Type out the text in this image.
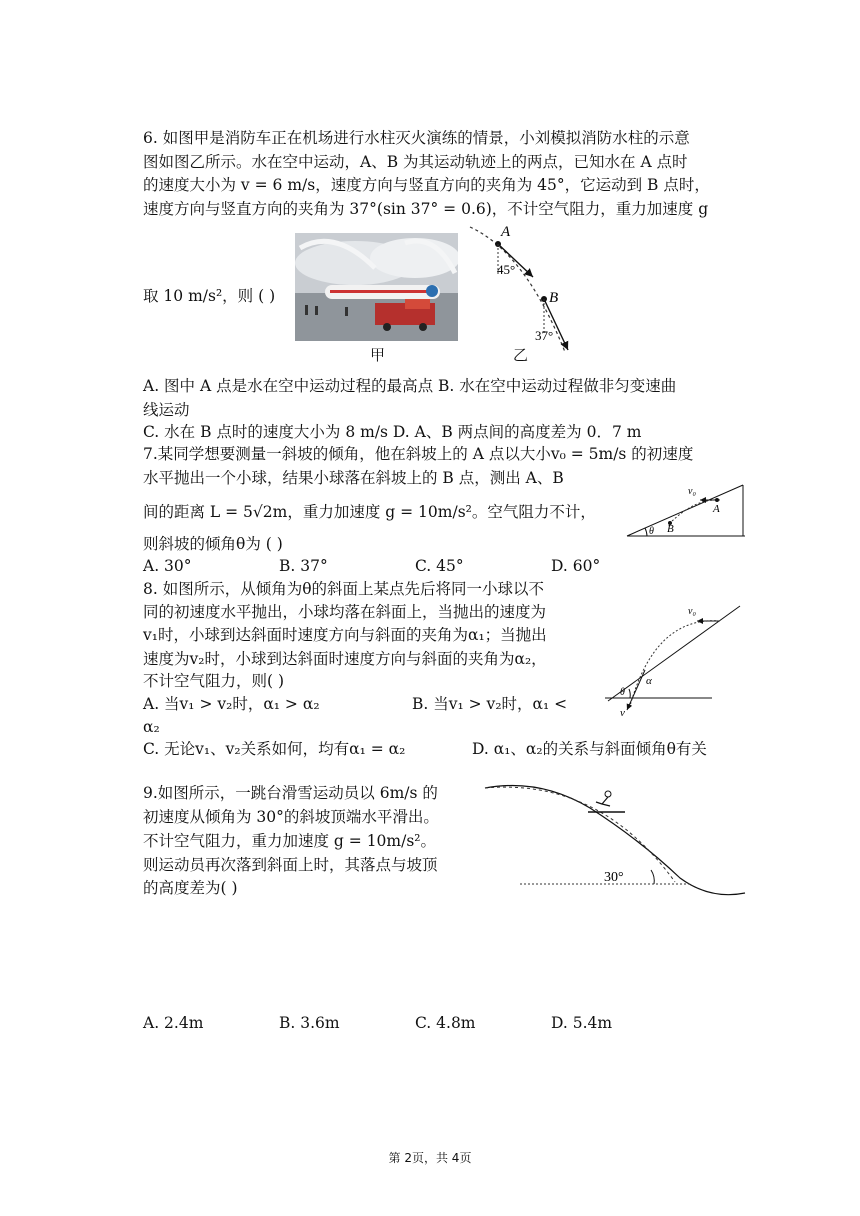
6. 如图甲是消防车正在机场进行水柱灭火演练的情景，小刘模拟消防水柱的示意
图如图乙所示。水在空中运动，A、B 为其运动轨迹上的两点，已知水在 A 点时
的速度大小为 v = 6 m/s，速度方向与竖直方向的夹角为 45°，它运动到 B 点时，
速度方向与竖直方向的夹角为 37°(sin 37° = 0.6)，不计空气阻力，重力加速度 g
取 10 m/s²，则 ( )
甲
A
45°
B
37°
乙
A. 图中 A 点是水在空中运动过程的最高点 B. 水在空中运动过程做非匀变速曲
线运动
C. 水在 B 点时的速度大小为 8 m/s D. A、B 两点间的高度差为 0．7 m
7.某同学想要测量一斜坡的倾角，他在斜坡上的 A 点以大小v₀ = 5m/s 的初速度
水平抛出一个小球，结果小球落在斜坡上的 B 点，测出 A、B
间的距离 L = 5√2m，重力加速度 g = 10m/s²。空气阻力不计，
则斜坡的倾角θ为 ( )
v₀
A
B
θ
A. 30°	B. 37°	C. 45°	D. 60°
8. 如图所示，从倾角为θ的斜面上某点先后将同一小球以不
同的初速度水平抛出，小球均落在斜面上，当抛出的速度为
v₁时，小球到达斜面时速度方向与斜面的夹角为α₁；当抛出
速度为v₂时，小球到达斜面时速度方向与斜面的夹角为α₂，
不计空气阻力，则( )
v₀
α
θ
v
A. 当v₁ > v₂时，α₁ > α₂	B. 当v₁ > v₂时，α₁ <
α₂
C. 无论v₁、v₂关系如何，均有α₁ = α₂	D. α₁、α₂的关系与斜面倾角θ有关
9.如图所示，一跳台滑雪运动员以 6m/s 的
初速度从倾角为 30°的斜坡顶端水平滑出。
不计空气阻力，重力加速度 g = 10m/s²。
则运动员再次落到斜面上时，其落点与坡顶
的高度差为( )
30°
A. 2.4m	B. 3.6m	C. 4.8m	D. 5.4m
第 2页，共 4页
